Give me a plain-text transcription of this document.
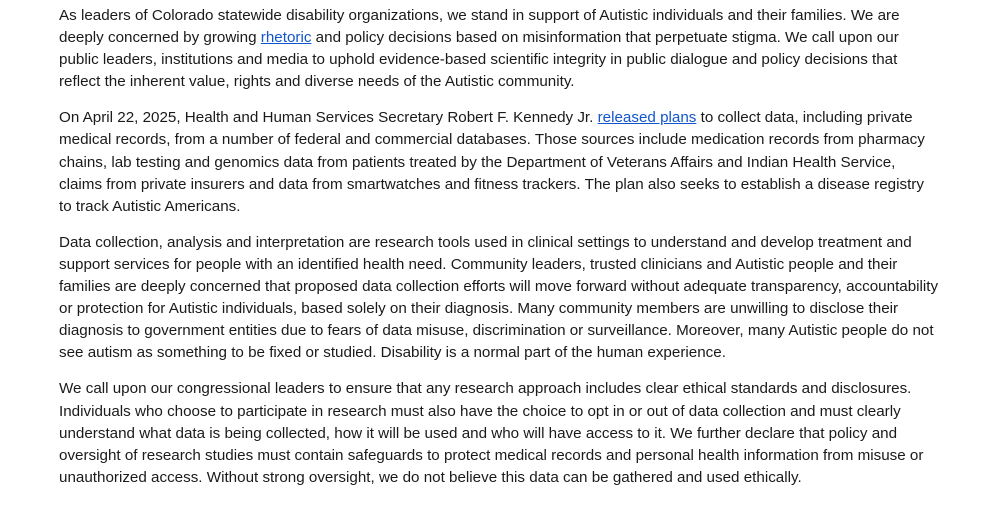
As leaders of Colorado statewide disability organizations, we stand in support of Autistic individuals and their families. We are deeply concerned by growing rhetoric and policy decisions based on misinformation that perpetuate stigma. We call upon our public leaders, institutions and media to uphold evidence-based scientific integrity in public dialogue and policy decisions that reflect the inherent value, rights and diverse needs of the Autistic community.

On April 22, 2025, Health and Human Services Secretary Robert F. Kennedy Jr. released plans to collect data, including private medical records, from a number of federal and commercial databases. Those sources include medication records from pharmacy chains, lab testing and genomics data from patients treated by the Department of Veterans Affairs and Indian Health Service, claims from private insurers and data from smartwatches and fitness trackers. The plan also seeks to establish a disease registry to track Autistic Americans.

Data collection, analysis and interpretation are research tools used in clinical settings to understand and develop treatment and support services for people with an identified health need. Community leaders, trusted clinicians and Autistic people and their families are deeply concerned that proposed data collection efforts will move forward without adequate transparency, accountability or protection for Autistic individuals, based solely on their diagnosis. Many community members are unwilling to disclose their diagnosis to government entities due to fears of data misuse, discrimination or surveillance. Moreover, many Autistic people do not see autism as something to be fixed or studied. Disability is a normal part of the human experience.

We call upon our congressional leaders to ensure that any research approach includes clear ethical standards and disclosures. Individuals who choose to participate in research must also have the choice to opt in or out of data collection and must clearly understand what data is being collected, how it will be used and who will have access to it. We further declare that policy and oversight of research studies must contain safeguards to protect medical records and personal health information from misuse or unauthorized access. Without strong oversight, we do not believe this data can be gathered and used ethically.
